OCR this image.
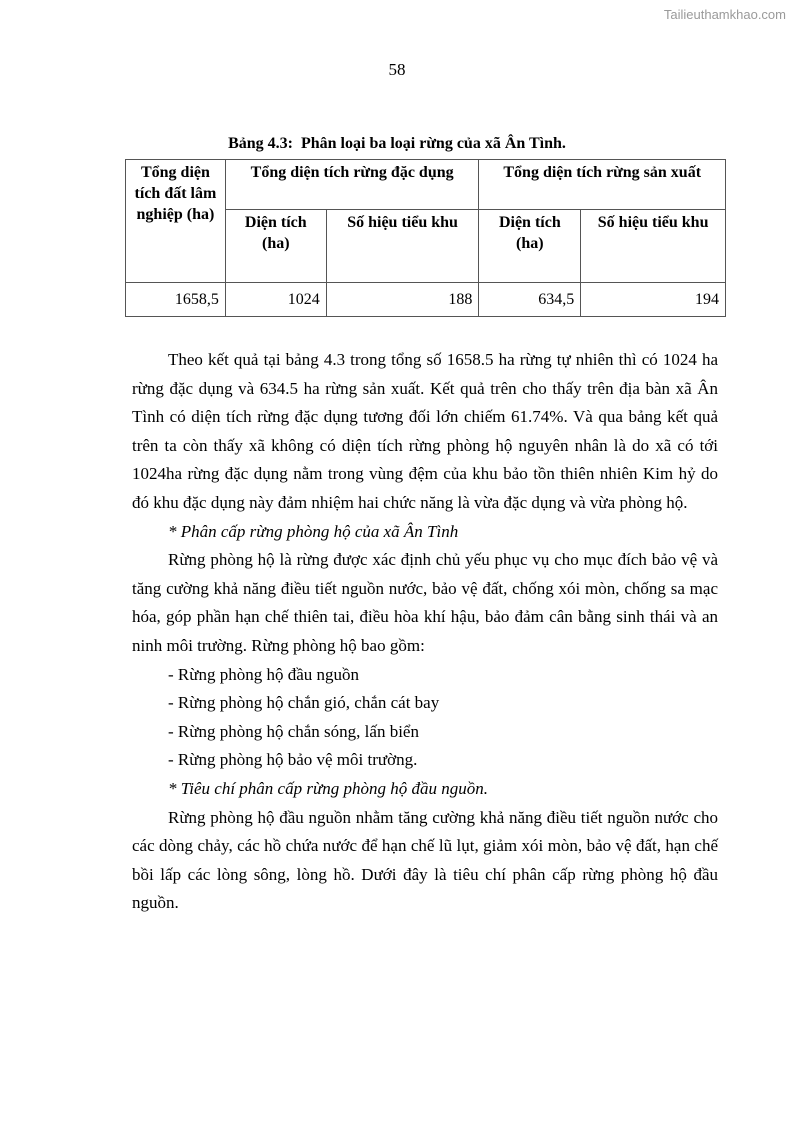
Tailieuthamkhao.com
58
Bảng 4.3:  Phân loại ba loại rừng của xã Ân Tình.
Tổng diện tích đất lâm nghiệp (ha)	Tổng diện tích rừng đặc dụng		Tổng diện tích rừng sản xuất	
	Diện tích (ha)	Số hiệu tiểu khu	Diện tích (ha)	Số hiệu tiểu khu
1658,5	1024	188	634,5	194

Theo kết quả tại bảng 4.3 trong tổng số 1658.5 ha rừng tự nhiên thì có 1024 ha rừng đặc dụng và 634.5 ha rừng sản xuất. Kết quả trên cho thấy trên địa bàn xã Ân Tình có diện tích rừng đặc dụng tương đối lớn chiếm 61.74%. Và qua bảng kết quả trên ta còn thấy xã không có diện tích rừng phòng hộ nguyên nhân là do xã có tới 1024ha rừng đặc dụng nằm trong vùng đệm của khu bảo tồn thiên nhiên Kim hỷ do đó khu đặc dụng này đảm nhiệm hai chức năng là vừa đặc dụng và vừa phòng hộ.

* Phân cấp rừng phòng hộ của xã Ân Tình

Rừng phòng hộ là rừng được xác định chủ yếu phục vụ cho mục đích bảo vệ và tăng cường khả năng điều tiết nguồn nước, bảo vệ đất, chống xói mòn, chống sa mạc hóa, góp phần hạn chế thiên tai, điều hòa khí hậu, bảo đảm cân bằng sinh thái và an ninh môi trường. Rừng phòng hộ bao gồm:

- Rừng phòng hộ đầu nguồn

- Rừng phòng hộ chắn gió, chắn cát bay

- Rừng phòng hộ chắn sóng, lấn biển

- Rừng phòng hộ bảo vệ môi trường.

* Tiêu chí phân cấp rừng phòng hộ đầu nguồn.

Rừng phòng hộ đầu nguồn nhằm tăng cường khả năng điều tiết nguồn nước cho các dòng chảy, các hồ chứa nước để hạn chế lũ lụt, giảm xói mòn, bảo vệ đất, hạn chế bồi lấp các lòng sông, lòng hồ. Dưới đây là tiêu chí phân cấp rừng phòng hộ đầu nguồn.
